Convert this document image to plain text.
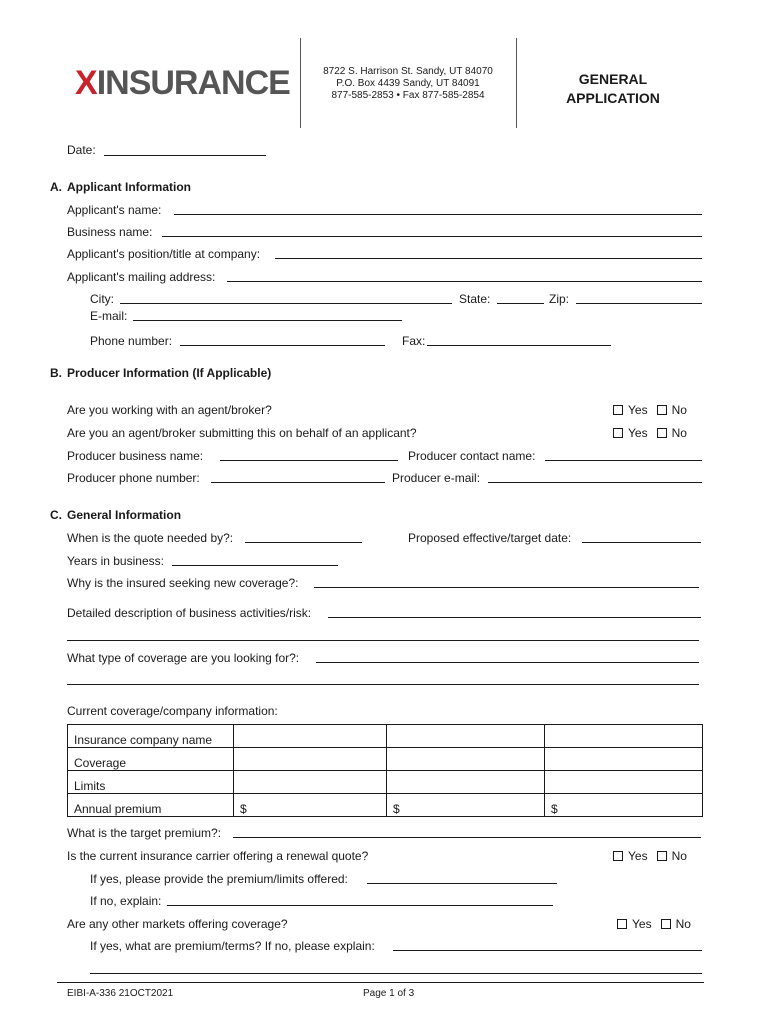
XINSURANCE	8722 S. Harrison St. Sandy, UT 84070
P.O. Box 4439 Sandy, UT 84091
877-585-2853 • Fax 877-585-2854
GENERAL
APPLICATION
Date:
A. Applicant Information
Applicant's name:
Business name:
Applicant's position/title at company:
Applicant's mailing address:
City:	State:	Zip:
E-mail:
Phone number:	Fax:
B. Producer Information (If Applicable)
Are you working with an agent/broker?	Yes No
Are you an agent/broker submitting this on behalf of an applicant?	Yes No
Producer business name:	Producer contact name:
Producer phone number:	Producer e-mail:
C. General Information
When is the quote needed by?:	Proposed effective/target date:
Years in business:
Why is the insured seeking new coverage?:
Detailed description of business activities/risk:
What type of coverage are you looking for?:
Current coverage/company information:
Insurance company name			
Coverage			
Limits			
Annual premium	$	$	$
What is the target premium?:
Is the current insurance carrier offering a renewal quote?	Yes No
If yes, please provide the premium/limits offered:
If no, explain:
Are any other markets offering coverage?	Yes No
If yes, what are premium/terms? If no, please explain:
EIBI-A-336 21OCT2021	Page 1 of 3
